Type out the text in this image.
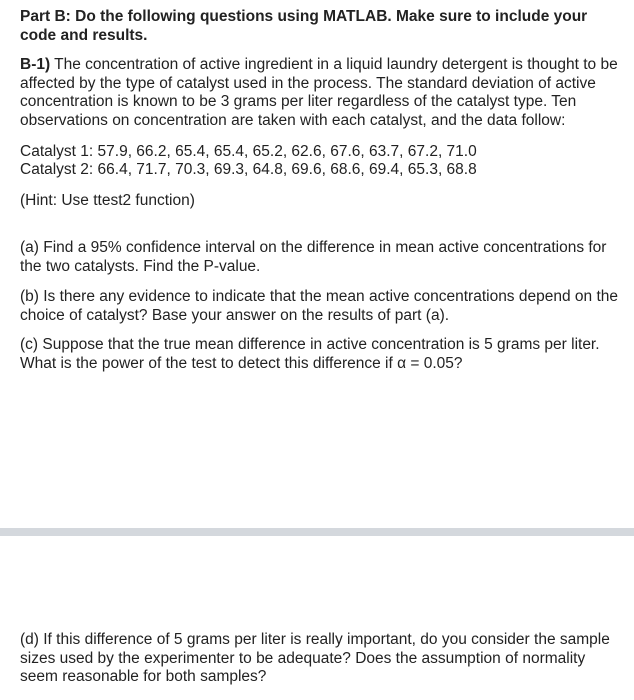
Part B: Do the following questions using MATLAB. Make sure to include your code and results.

B-1) The concentration of active ingredient in a liquid laundry detergent is thought to be affected by the type of catalyst used in the process. The standard deviation of active concentration is known to be 3 grams per liter regardless of the catalyst type. Ten observations on concentration are taken with each catalyst, and the data follow:

Catalyst 1: 57.9, 66.2, 65.4, 65.4, 65.2, 62.6, 67.6, 63.7, 67.2, 71.0

Catalyst 2: 66.4, 71.7, 70.3, 69.3, 64.8, 69.6, 68.6, 69.4, 65.3, 68.8

(Hint: Use ttest2 function)

(a) Find a 95% confidence interval on the difference in mean active concentrations for the two catalysts. Find the P-value.

(b) Is there any evidence to indicate that the mean active concentrations depend on the choice of catalyst? Base your answer on the results of part (a).

(c) Suppose that the true mean difference in active concentration is 5 grams per liter. What is the power of the test to detect this difference if α = 0.05?

(d) If this difference of 5 grams per liter is really important, do you consider the sample sizes used by the experimenter to be adequate? Does the assumption of normality seem reasonable for both samples?
